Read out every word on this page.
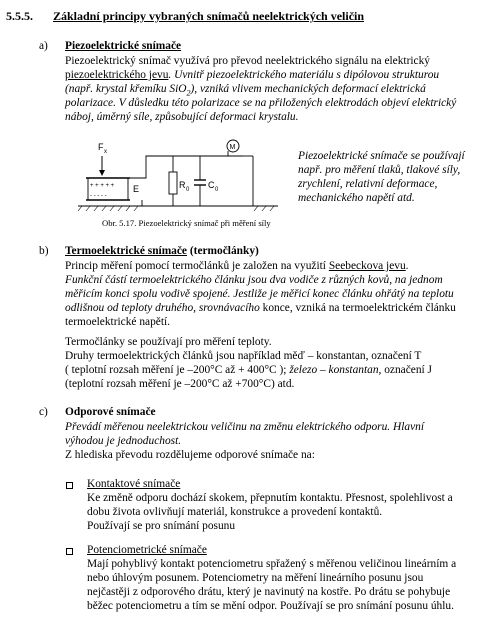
5.5.5. Základní principy vybraných snímačů neelektrických veličin
a) Piezoelektrické snímače
Piezoelektrický snímač využívá pro převod neelektrického signálu na elektrický
piezoelektrického jevu. Uvnitř piezoelektrického materiálu s dipólovou strukturou
(např. krystal křemíku SiO$_2$), vzniká vlivem mechanických deformací elektrická
polarizace. V důsledku této polarizace se na přiložených elektrodách objeví elektrický
náboj, úměrný síle, způsobující deformaci krystalu.
F x
+ + + + +
- - - - -
E	R 0 C 0
M
Obr. 5.17. Piezoelektrický snímač při měření síly
Piezoelektrické snímače se používají
např. pro měření tlaků, tlakové síly,
zrychlení, relativní deformace,
mechanického napětí atd.
b) Termoelektrické snímače (termočlánky)
Princip měření pomocí termočlánků je založen na využití Seebeckova jevu.
Funkční částí termoelektrického článku jsou dva vodiče z různých kovů, na jednom
měřicím konci spolu vodivě spojené. Jestliže je měřicí konec článku ohřátý na teplotu
odlišnou od teploty druhého, srovnávacího konce, vzniká na termoelektrickém článku
termoelektrické napětí.
Termočlánky se používají pro měření teploty.
Druhy termoelektrických článků jsou například měď – konstantan, označení T
( teplotní rozsah měření je –200°C až + 400°C ); železo – konstantan, označení J
(teplotní rozsah měření je –200°C až +700°C) atd.
c) Odporové snímače
Převádí měřenou neelektrickou veličinu na změnu elektrického odporu. Hlavní
výhodou je jednoduchost.
Z hlediska převodu rozdělujeme odporové snímače na:
Kontaktové snímače
Ke změně odporu dochází skokem, přepnutím kontaktu. Přesnost, spolehlivost a
dobu života ovlivňují materiál, konstrukce a provedení kontaktů.
Používají se pro snímání posunu
Potenciometrické snímače
Mají pohyblivý kontakt potenciometru spřažený s měřenou veličinou lineárním a
nebo úhlovým posunem. Potenciometry na měření lineárního posunu jsou
nejčastěji z odporového drátu, který je navinutý na kostře. Po drátu se pohybuje
běžec potenciometru a tím se mění odpor. Používají se pro snímání posunu úhlu.
